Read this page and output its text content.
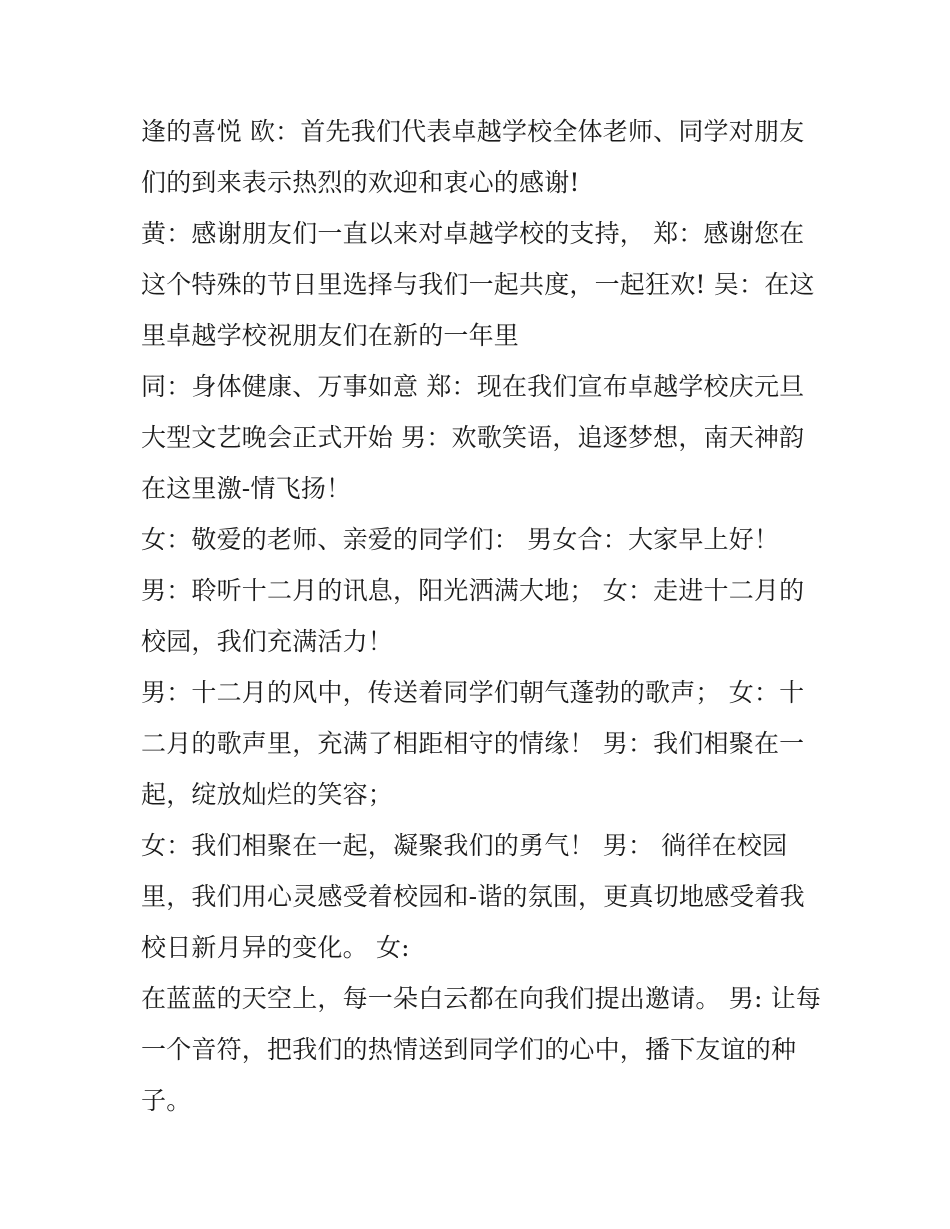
逢的喜悦 欧：首先我们代表卓越学校全体老师、同学对朋友
们的到来表示热烈的欢迎和衷心的感谢!
黄：感谢朋友们一直以来对卓越学校的支持， 郑：感谢您在
这个特殊的节日里选择与我们一起共度，一起狂欢! 吴：在这
里卓越学校祝朋友们在新的一年里
同：身体健康、万事如意 郑：现在我们宣布卓越学校庆元旦
大型文艺晚会正式开始 男：欢歌笑语，追逐梦想，南天神韵
在这里激-情飞扬！
女：敬爱的老师、亲爱的同学们： 男女合：大家早上好！
男：聆听十二月的讯息，阳光洒满大地； 女：走进十二月的
校园，我们充满活力！
男：十二月的风中，传送着同学们朝气蓬勃的歌声； 女：十
二月的歌声里，充满了相距相守的情缘！ 男：我们相聚在一
起，绽放灿烂的笑容；
女：我们相聚在一起，凝聚我们的勇气！ 男： 徜徉在校园
里，我们用心灵感受着校园和-谐的氛围，更真切地感受着我
校日新月异的变化。 女:
在蓝蓝的天空上，每一朵白云都在向我们提出邀请。 男: 让每
一个音符，把我们的热情送到同学们的心中，播下友谊的种
子。
